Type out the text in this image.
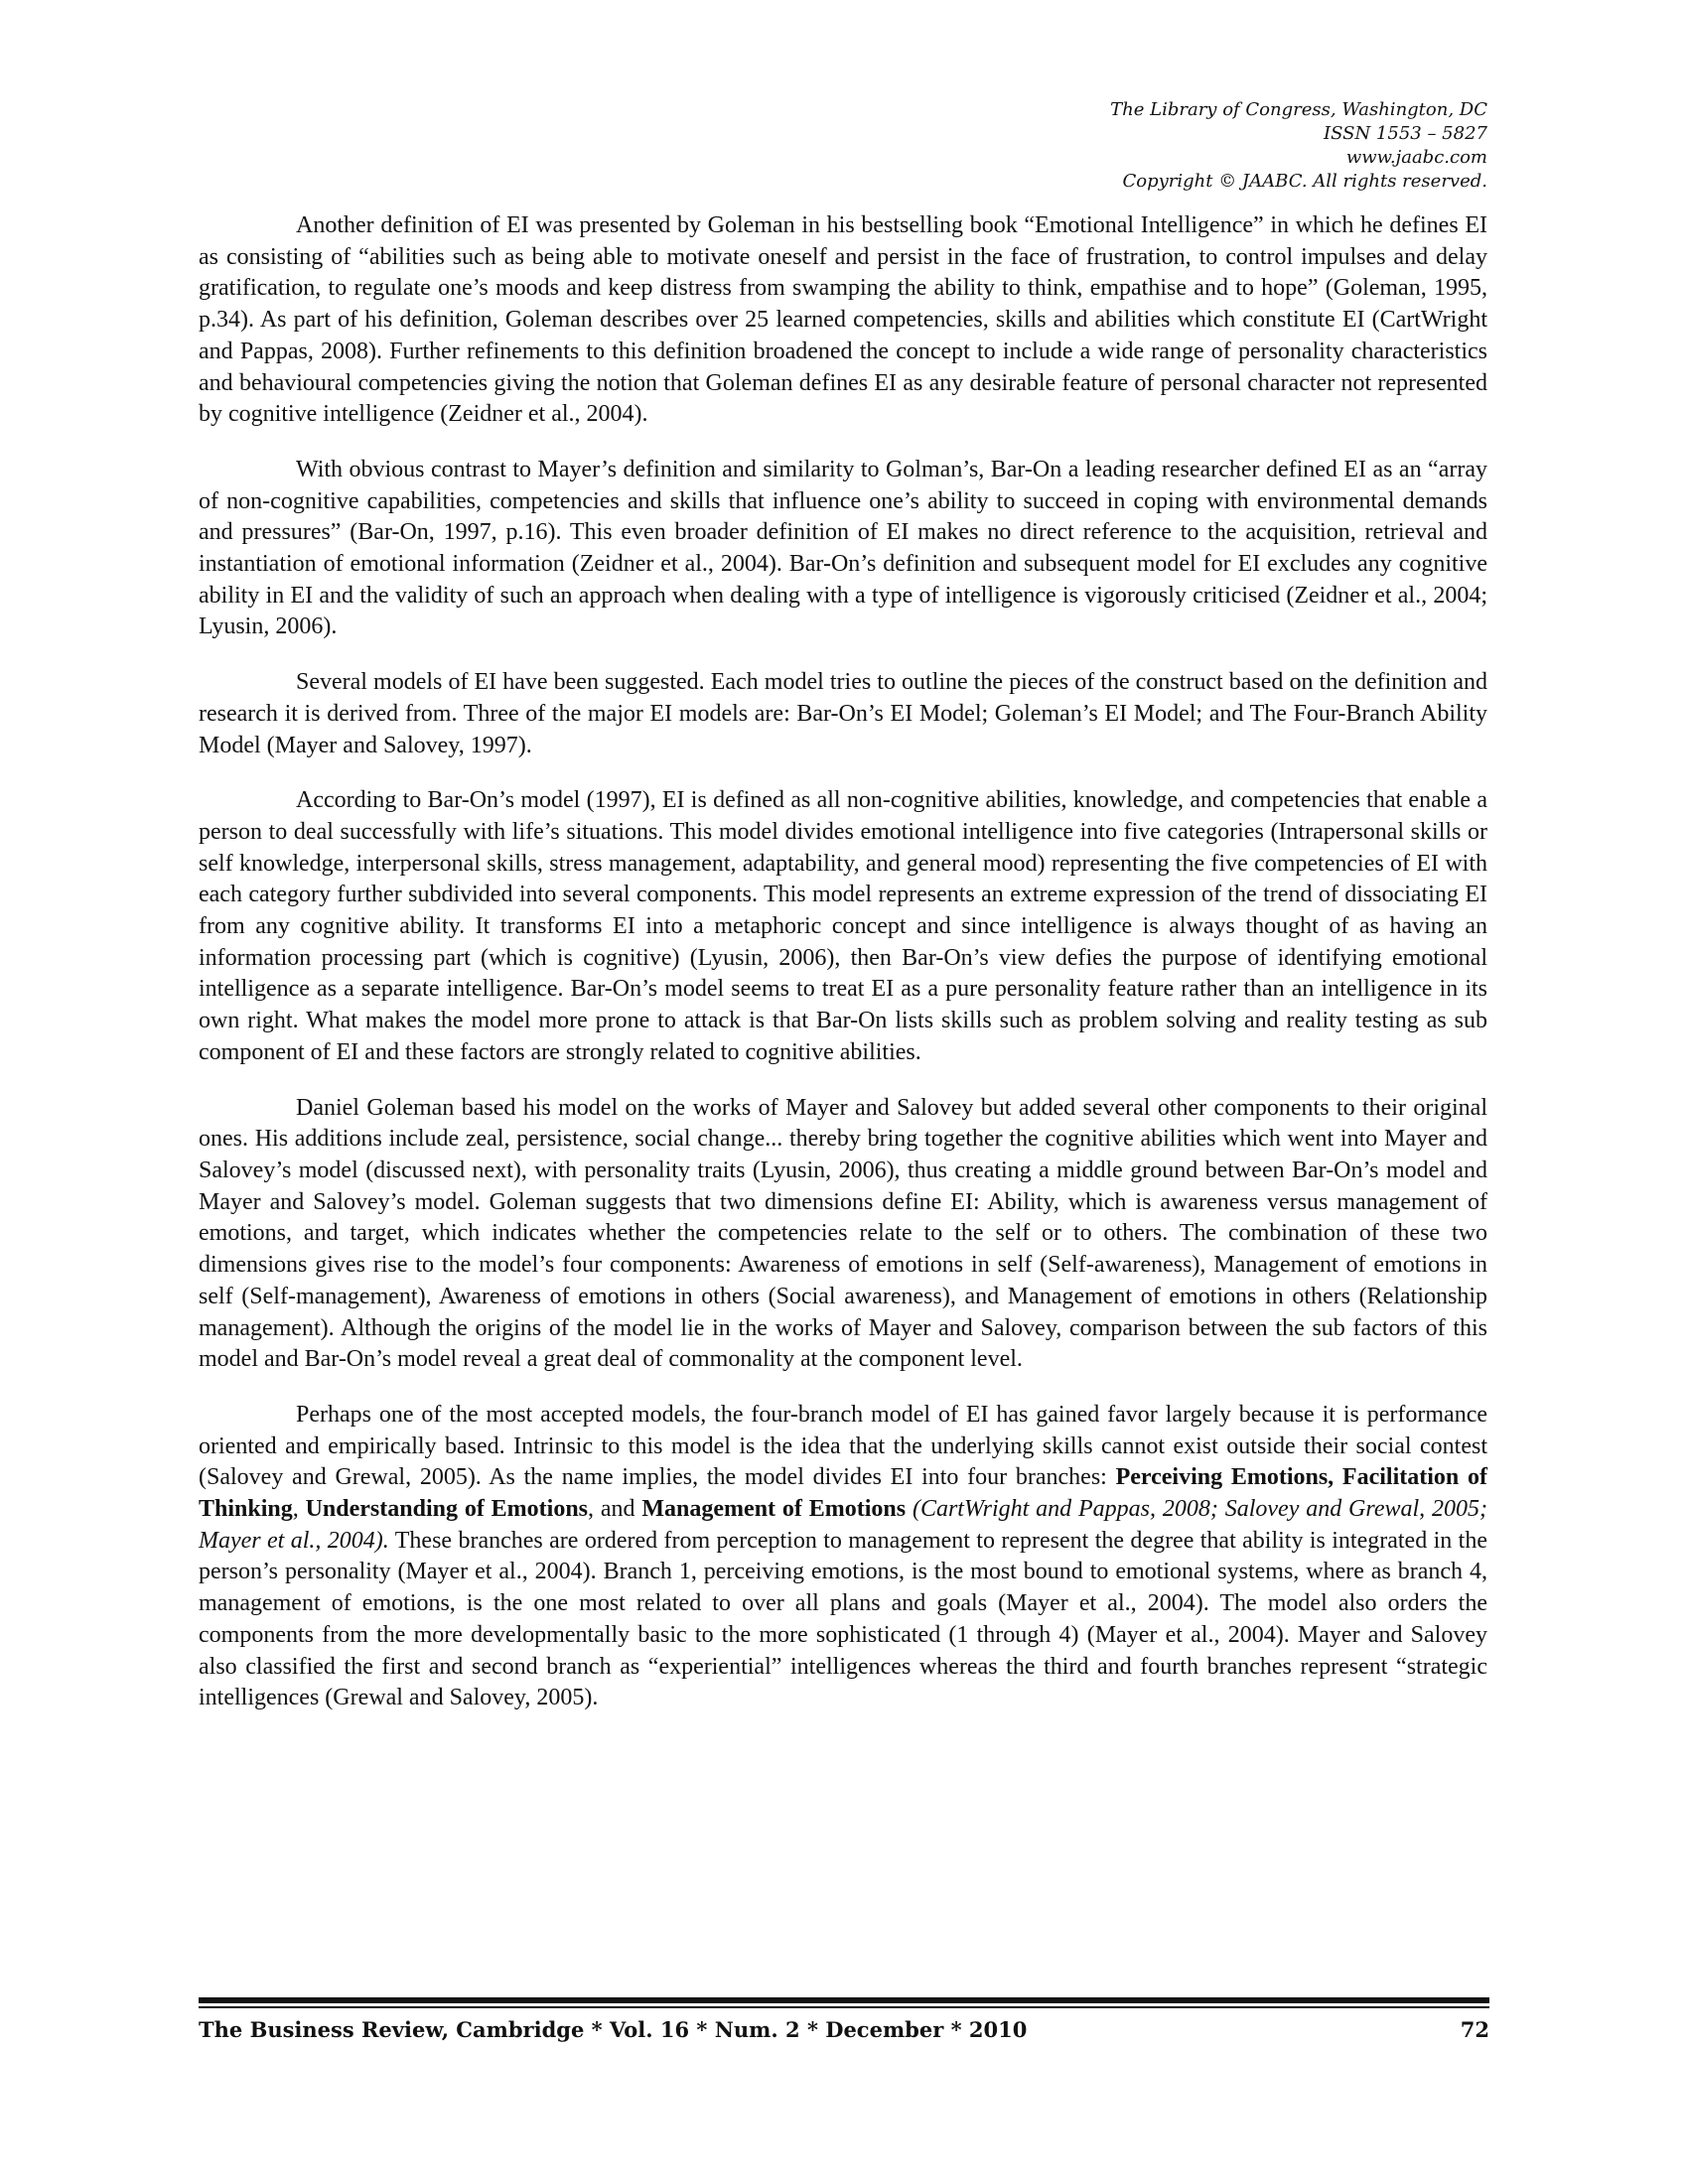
The Library of Congress, Washington, DC
ISSN 1553 – 5827
www.jaabc.com
Copyright © JAABC. All rights reserved.

Another definition of EI was presented by Goleman in his bestselling book “Emotional Intelligence” in which he defines EI as consisting of “abilities such as being able to motivate oneself and persist in the face of frustration, to control impulses and delay gratification, to regulate one’s moods and keep distress from swamping the ability to think, empathise and to hope” (Goleman, 1995, p.34). As part of his definition, Goleman describes over 25 learned competencies, skills and abilities which constitute EI (CartWright and Pappas, 2008). Further refinements to this definition broadened the concept to include a wide range of personality characteristics and behavioural competencies giving the notion that Goleman defines EI as any desirable feature of personal character not represented by cognitive intelligence (Zeidner et al., 2004).

With obvious contrast to Mayer’s definition and similarity to Golman’s, Bar-On a leading researcher defined EI as an “array of non-cognitive capabilities, competencies and skills that influence one’s ability to succeed in coping with environmental demands and pressures” (Bar-On, 1997, p.16). This even broader definition of EI makes no direct reference to the acquisition, retrieval and instantiation of emotional information (Zeidner et al., 2004). Bar-On’s definition and subsequent model for EI excludes any cognitive ability in EI and the validity of such an approach when dealing with a type of intelligence is vigorously criticised (Zeidner et al., 2004; Lyusin, 2006).

Several models of EI have been suggested. Each model tries to outline the pieces of the construct based on the definition and research it is derived from. Three of the major EI models are: Bar-On’s EI Model; Goleman’s EI Model; and The Four-Branch Ability Model (Mayer and Salovey, 1997).

According to Bar-On’s model (1997), EI is defined as all non-cognitive abilities, knowledge, and competencies that enable a person to deal successfully with life’s situations. This model divides emotional intelligence into five categories (Intrapersonal skills or self knowledge, interpersonal skills, stress management, adaptability, and general mood) representing the five competencies of EI with each category further subdivided into several components. This model represents an extreme expression of the trend of dissociating EI from any cognitive ability. It transforms EI into a metaphoric concept and since intelligence is always thought of as having an information processing part (which is cognitive) (Lyusin, 2006), then Bar-On’s view defies the purpose of identifying emotional intelligence as a separate intelligence. Bar-On’s model seems to treat EI as a pure personality feature rather than an intelligence in its own right. What makes the model more prone to attack is that Bar-On lists skills such as problem solving and reality testing as sub component of EI and these factors are strongly related to cognitive abilities.

Daniel Goleman based his model on the works of Mayer and Salovey but added several other components to their original ones. His additions include zeal, persistence, social change... thereby bring together the cognitive abilities which went into Mayer and Salovey’s model (discussed next), with personality traits (Lyusin, 2006), thus creating a middle ground between Bar-On’s model and Mayer and Salovey’s model. Goleman suggests that two dimensions define EI: Ability, which is awareness versus management of emotions, and target, which indicates whether the competencies relate to the self or to others. The combination of these two dimensions gives rise to the model’s four components: Awareness of emotions in self (Self-awareness), Management of emotions in self (Self-management), Awareness of emotions in others (Social awareness), and Management of emotions in others (Relationship management). Although the origins of the model lie in the works of Mayer and Salovey, comparison between the sub factors of this model and Bar-On’s model reveal a great deal of commonality at the component level.

Perhaps one of the most accepted models, the four-branch model of EI has gained favor largely because it is performance oriented and empirically based. Intrinsic to this model is the idea that the underlying skills cannot exist outside their social contest (Salovey and Grewal, 2005). As the name implies, the model divides EI into four branches: Perceiving Emotions, Facilitation of Thinking, Understanding of Emotions, and Management of Emotions (CartWright and Pappas, 2008; Salovey and Grewal, 2005; Mayer et al., 2004). These branches are ordered from perception to management to represent the degree that ability is integrated in the person’s personality (Mayer et al., 2004). Branch 1, perceiving emotions, is the most bound to emotional systems, where as branch 4, management of emotions, is the one most related to over all plans and goals (Mayer et al., 2004). The model also orders the components from the more developmentally basic to the more sophisticated (1 through 4) (Mayer et al., 2004). Mayer and Salovey also classified the first and second branch as “experiential” intelligences whereas the third and fourth branches represent “strategic intelligences (Grewal and Salovey, 2005).

The Business Review, Cambridge * Vol. 16 * Num. 2 * December * 2010	72
